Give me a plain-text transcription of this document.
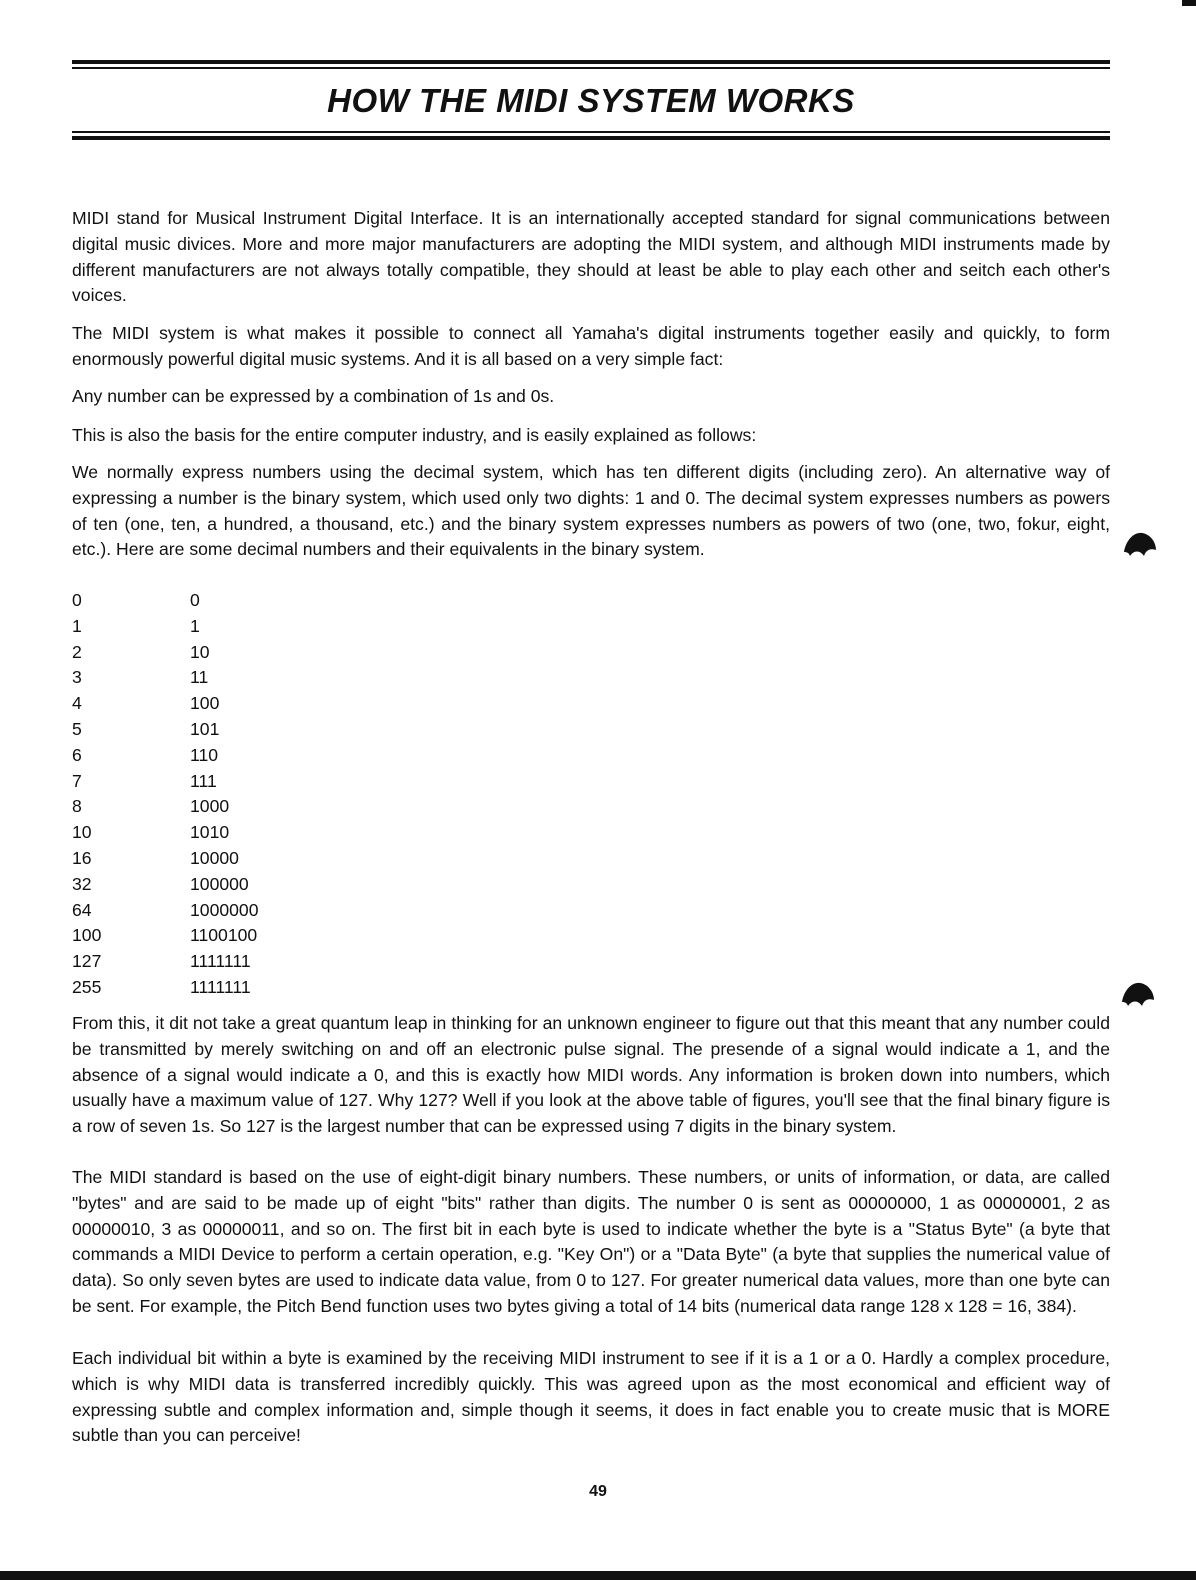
HOW THE MIDI SYSTEM WORKS

MIDI stand for Musical Instrument Digital Interface. It is an internationally accepted standard for signal communications between digital music divices. More and more major manufacturers are adopting the MIDI system, and although MIDI instruments made by different manufacturers are not always totally compatible, they should at least be able to play each other and seitch each other's voices.

The MIDI system is what makes it possible to connect all Yamaha's digital instruments together easily and quickly, to form enormously powerful digital music systems. And it is all based on a very simple fact:

Any number can be expressed by a combination of 1s and 0s.

This is also the basis for the entire computer industry, and is easily explained as follows:

We normally express numbers using the decimal system, which has ten different digits (including zero). An alternative way of expressing a number is the binary system, which used only two dights: 1 and 0. The decimal system expresses numbers as powers of ten (one, ten, a hundred, a thousand, etc.) and the binary system expresses numbers as powers of two (one, two, fokur, eight, etc.). Here are some decimal numbers and their equivalents in the binary system.

0	0
1	1
2	10
3	11
4	100
5	101
6	110
7	111
8	1000
10	1010
16	10000
32	100000
64	1000000
100	1100100
127	1111111
255	1111111

From this, it dit not take a great quantum leap in thinking for an unknown engineer to figure out that this meant that any number could be transmitted by merely switching on and off an electronic pulse signal. The presende of a signal would indicate a 1, and the absence of a signal would indicate a 0, and this is exactly how MIDI words. Any information is broken down into numbers, which usually have a maximum value of 127. Why 127? Well if you look at the above table of figures, you'll see that the final binary figure is a row of seven 1s. So 127 is the largest number that can be expressed using 7 digits in the binary system.

The MIDI standard is based on the use of eight-digit binary numbers. These numbers, or units of information, or data, are called "bytes" and are said to be made up of eight "bits" rather than digits. The number 0 is sent as 00000000, 1 as 00000001, 2 as 00000010, 3 as 00000011, and so on. The first bit in each byte is used to indicate whether the byte is a "Status Byte" (a byte that commands a MIDI Device to perform a certain operation, e.g. "Key On") or a "Data Byte" (a byte that supplies the numerical value of data). So only seven bytes are used to indicate data value, from 0 to 127. For greater numerical data values, more than one byte can be sent. For example, the Pitch Bend function uses two bytes giving a total of 14 bits (numerical data range 128 x 128 = 16, 384).

Each individual bit within a byte is examined by the receiving MIDI instrument to see if it is a 1 or a 0. Hardly a complex procedure, which is why MIDI data is transferred incredibly quickly. This was agreed upon as the most economical and efficient way of expressing subtle and complex information and, simple though it seems, it does in fact enable you to create music that is MORE subtle than you can perceive!

49
